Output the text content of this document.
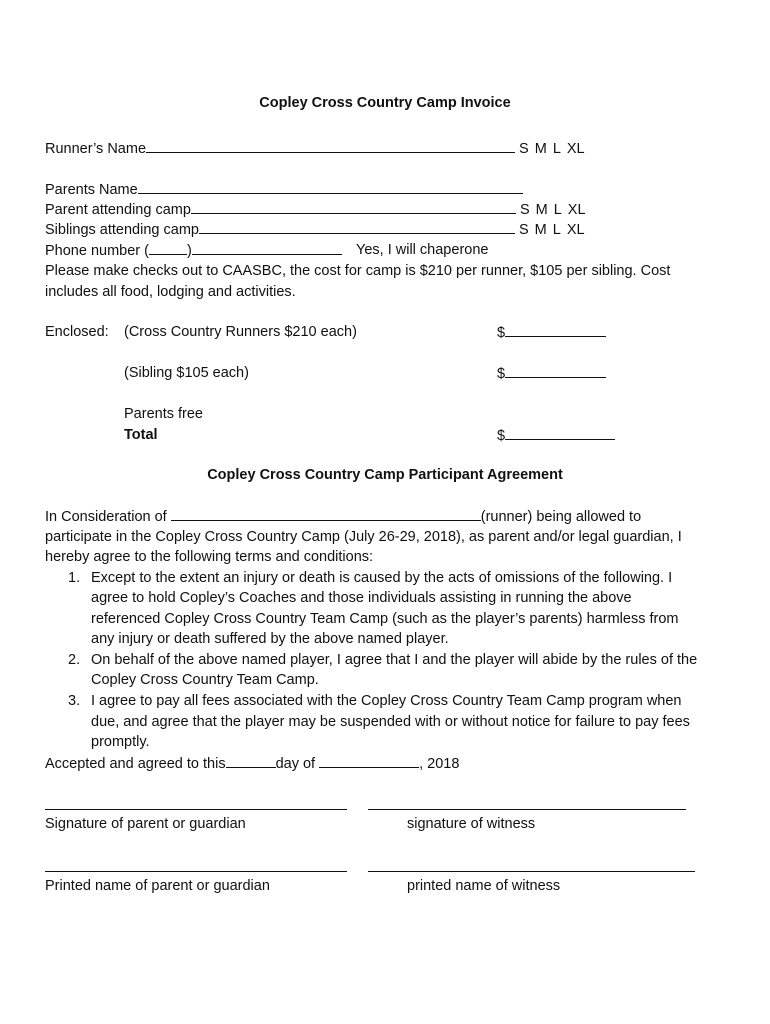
Copley Cross Country Camp Invoice
Runner’s Name	S M L XL
Parents Name
Parent attending camp	S M L XL
Siblings attending camp	S M L XL
Phone number (	)	Yes, I will chaperone
Please make checks out to CAASBC, the cost for camp is $210 per runner, $105 per sibling. Cost
includes all food, lodging and activities.
Enclosed: (Cross Country Runners $210 each)	$
(Sibling $105 each)	$
Parents free
Total	$
Copley Cross Country Camp Participant Agreement
In Consideration of	(runner) being allowed to
participate in the Copley Cross Country Camp (July 26-29, 2018), as parent and/or legal guardian, I
hereby agree to the following terms and conditions:
1. Except to the extent an injury or death is caused by the acts of omissions of the following. I
agree to hold Copley’s Coaches and those individuals assisting in running the above
referenced Copley Cross Country Team Camp (such as the player’s parents) harmless from
any injury or death suffered by the above named player.
2. On behalf of the above named player, I agree that I and the player will abide by the rules of the
Copley Cross Country Team Camp.
3. I agree to pay all fees associated with the Copley Cross Country Team Camp program when
due, and agree that the player may be suspended with or without notice for failure to pay fees
promptly.
Accepted and agreed to this	day of	, 2018
Signature of parent or guardian	signature of witness
Printed name of parent or guardian	printed name of witness
